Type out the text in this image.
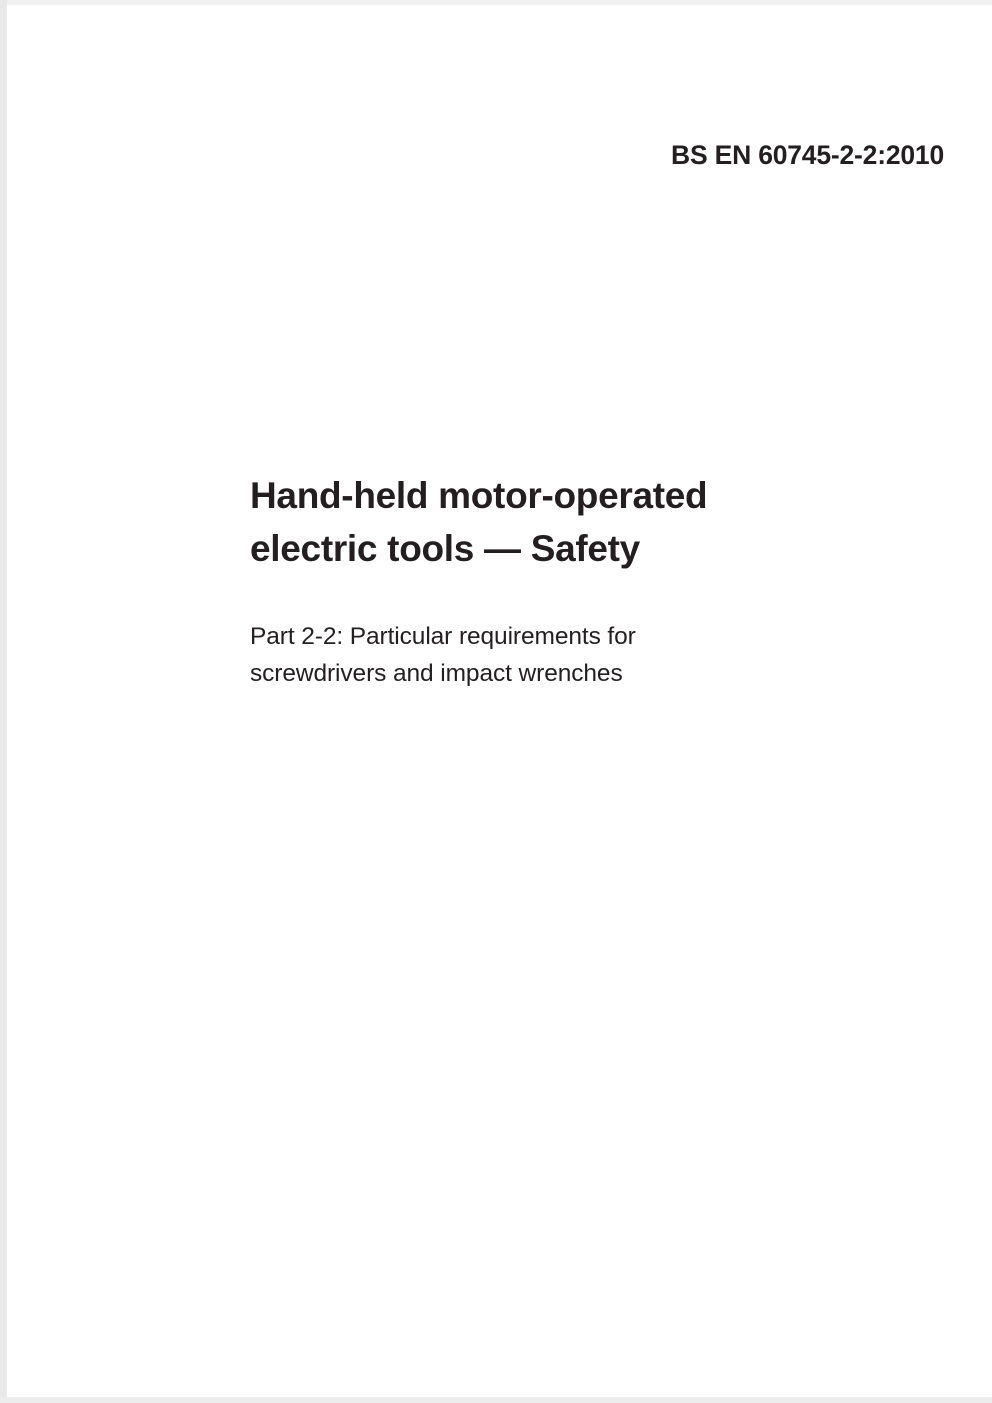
BS EN 60745-2-2:2010
Hand-held motor-operated
electric tools — Safety

Part 2-2: Particular requirements for
screwdrivers and impact wrenches
